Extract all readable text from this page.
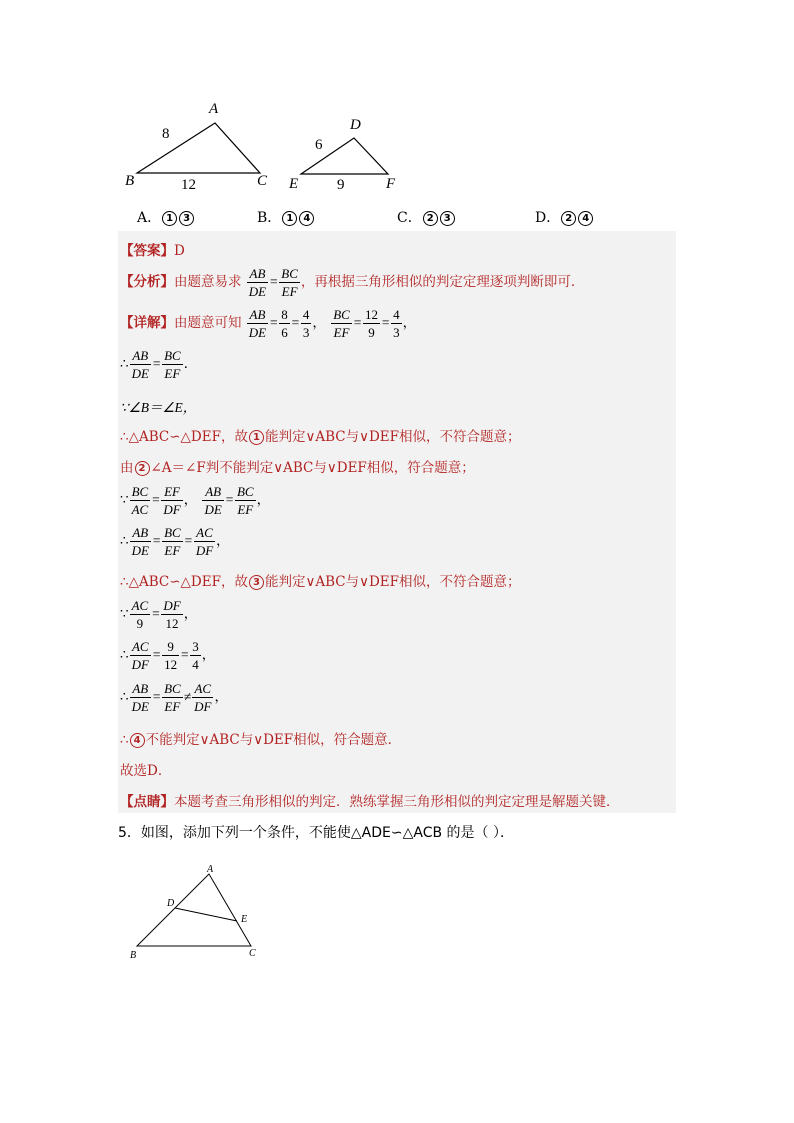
A
B	C
8
12
D
E	F
6
9
A． 1 3	B． 1 4	C． 2 3	D． 2 4
【答案】D
【分析】由题意易求 $\frac{AB}{DE} = \frac{BC}{EF}$ ，再根据三角形相似的判定定理逐项判断即可．
【详解】由题意可知 $\frac{AB}{DE} = \frac{8}{6} = \frac{4}{3}$ ， $\frac{BC}{EF} = \frac{12}{9} = \frac{4}{3}$ ，
∴ $\frac{AB}{DE} = \frac{BC}{EF}$ ．
∵∠B＝∠E，
∴△ABC∽△DEF，故 1 能判定∨ABC与∨DEF相似，不符合题意；
由 2 ∠A＝∠F判不能判定∨ABC与∨DEF相似，符合题意；
∵ $\frac{BC}{AC} = \frac{EF}{DF}$ ， $\frac{AB}{DE} = \frac{BC}{EF}$ ，
∴ $\frac{AB}{DE} = \frac{BC}{EF} = \frac{AC}{DF}$ ，
∴△ABC∽△DEF，故 3 能判定∨ABC与∨DEF相似，不符合题意；
∵ $\frac{AC}{9} = \frac{DF}{12}$ ，
∴ $\frac{AC}{DF} = \frac{9}{12} = \frac{3}{4}$ ，
∴ $\frac{AB}{DE} = \frac{BC}{EF} \ne \frac{AC}{DF}$ ，
∴ 4 不能判定∨ABC与∨DEF相似，符合题意．
故选D．
【点睛】本题考查三角形相似的判定．熟练掌握三角形相似的判定定理是解题关键．
5．如图，添加下列一个条件，不能使△ADE∽△ACB 的是（ ）．
A
B	C
D
E
